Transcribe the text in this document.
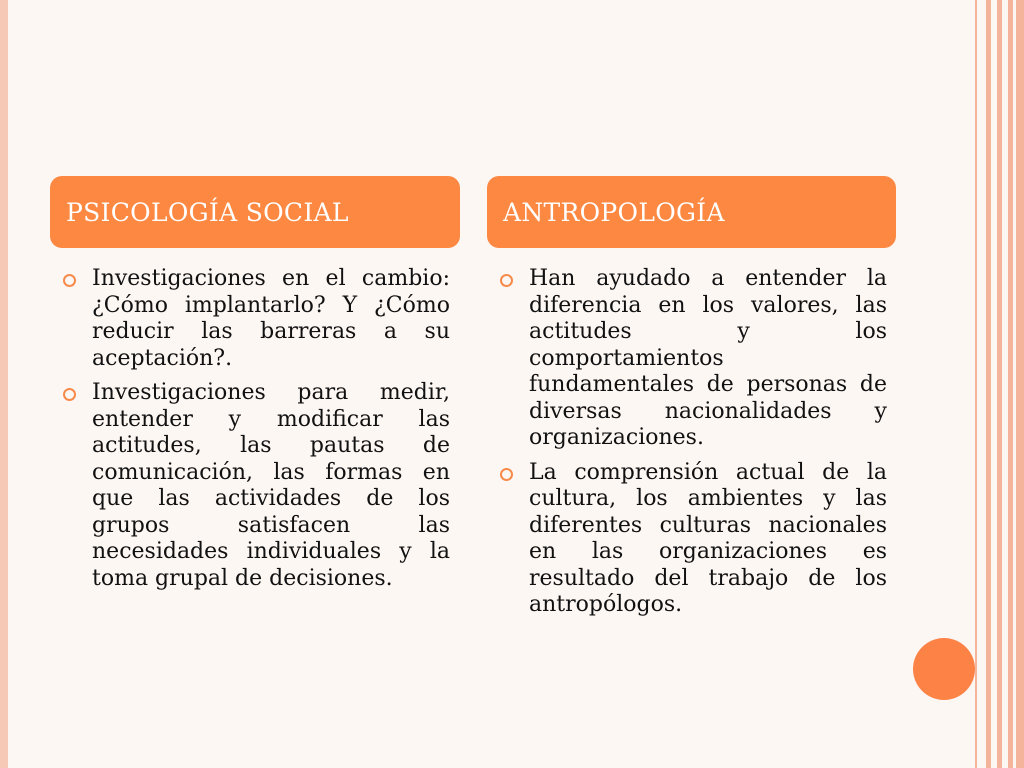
PSICOLOGÍA SOCIAL
Investigaciones en el cambio: ¿Cómo implantarlo? Y ¿Cómo reducir las barreras a su aceptación?.
Investigaciones para medir, entender y modificar las actitudes, las pautas de comunicación, las formas en que las actividades de los grupos satisfacen las necesidades individuales y la toma grupal de decisiones.
ANTROPOLOGÍA
Han ayudado a entender la diferencia en los valores, las actitudes y los comportamientos fundamentales de personas de diversas nacionalidades y organizaciones.
La comprensión actual de la cultura, los ambientes y las diferentes culturas nacionales en las organizaciones es resultado del trabajo de los antropólogos.
